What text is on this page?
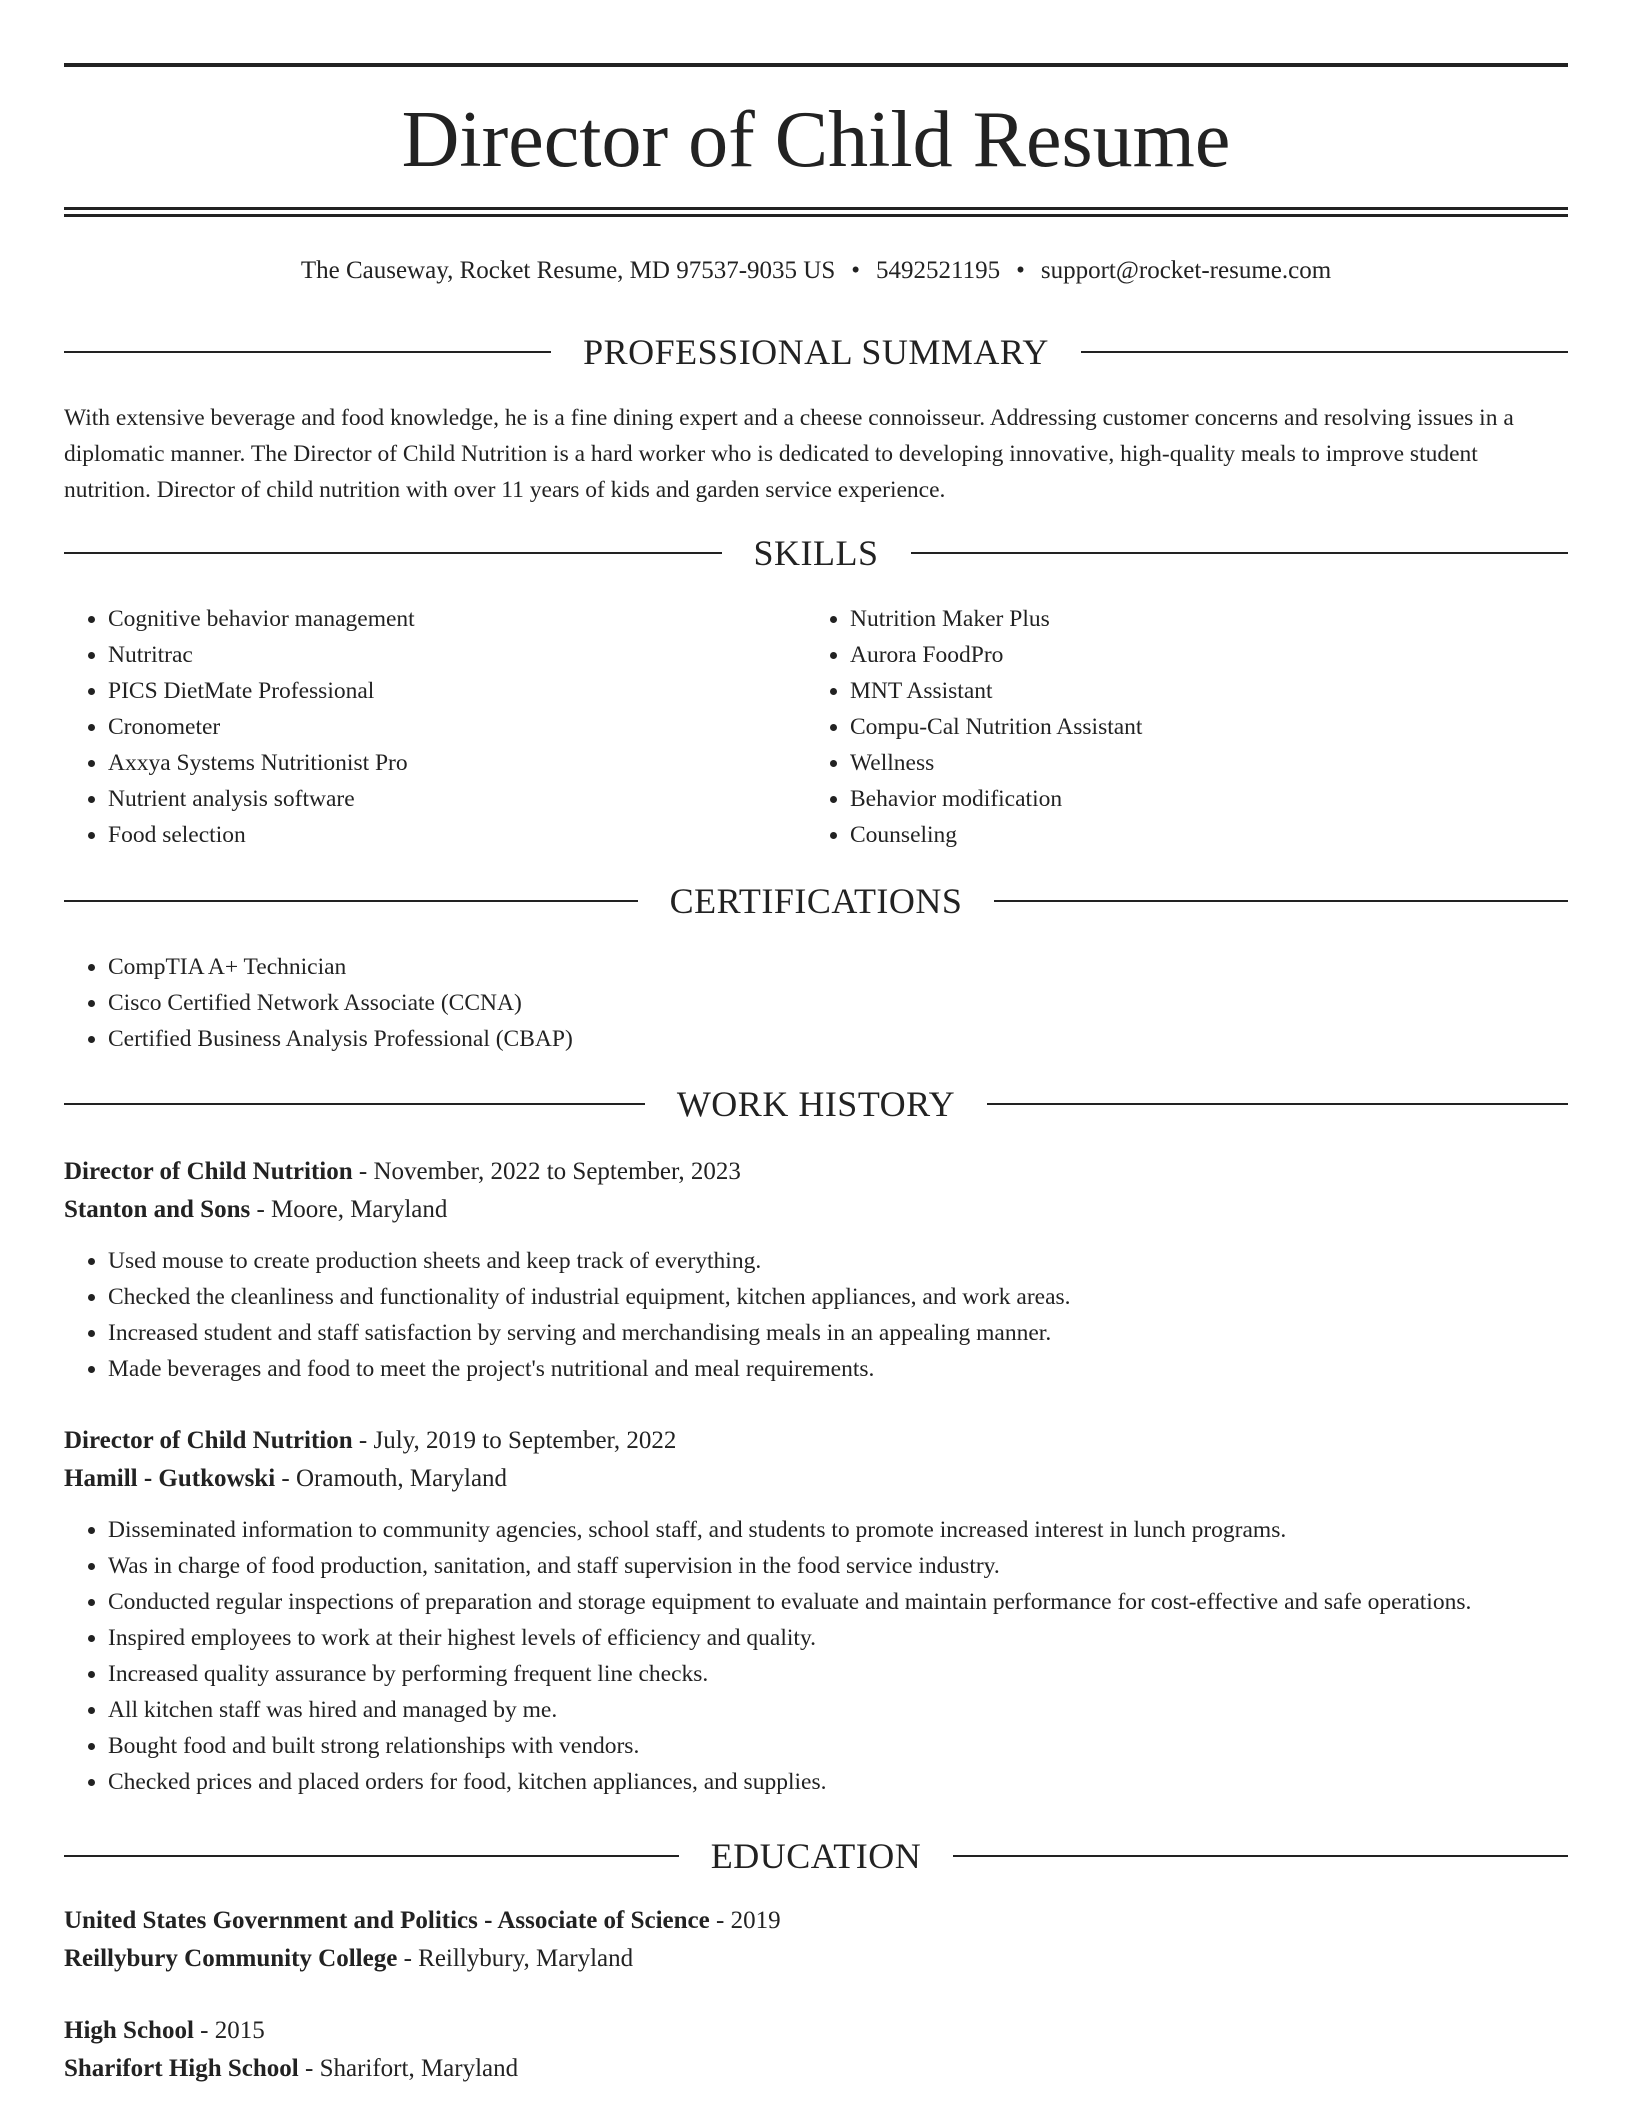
Director of Child Resume
The Causeway, Rocket Resume, MD 97537-9035 US • 5492521195 • support@rocket-resume.com
PROFESSIONAL SUMMARY

With extensive beverage and food knowledge, he is a fine dining expert and a cheese connoisseur. Addressing customer concerns and resolving issues in a diplomatic manner. The Director of Child Nutrition is a hard worker who is dedicated to developing innovative, high-quality meals to improve student nutrition. Director of child nutrition with over 11 years of kids and garden service experience.

SKILLS
• Cognitive behavior management
• Nutritrac
• PICS DietMate Professional
• Cronometer
• Axxya Systems Nutritionist Pro
• Nutrient analysis software
• Food selection
• Nutrition Maker Plus
• Aurora FoodPro
• MNT Assistant
• Compu-Cal Nutrition Assistant
• Wellness
• Behavior modification
• Counseling
CERTIFICATIONS
• CompTIA A+ Technician
• Cisco Certified Network Associate (CCNA)
• Certified Business Analysis Professional (CBAP)
WORK HISTORY
Director of Child Nutrition - November, 2022 to September, 2023
Stanton and Sons - Moore, Maryland
• Used mouse to create production sheets and keep track of everything.
• Checked the cleanliness and functionality of industrial equipment, kitchen appliances, and work areas.
• Increased student and staff satisfaction by serving and merchandising meals in an appealing manner.
• Made beverages and food to meet the project's nutritional and meal requirements.
Director of Child Nutrition - July, 2019 to September, 2022
Hamill - Gutkowski - Oramouth, Maryland
• Disseminated information to community agencies, school staff, and students to promote increased interest in lunch programs.
• Was in charge of food production, sanitation, and staff supervision in the food service industry.
• Conducted regular inspections of preparation and storage equipment to evaluate and maintain performance for cost-effective and safe operations.
• Inspired employees to work at their highest levels of efficiency and quality.
• Increased quality assurance by performing frequent line checks.
• All kitchen staff was hired and managed by me.
• Bought food and built strong relationships with vendors.
• Checked prices and placed orders for food, kitchen appliances, and supplies.
EDUCATION
United States Government and Politics - Associate of Science - 2019
Reillybury Community College - Reillybury, Maryland
High School - 2015
Sharifort High School - Sharifort, Maryland
